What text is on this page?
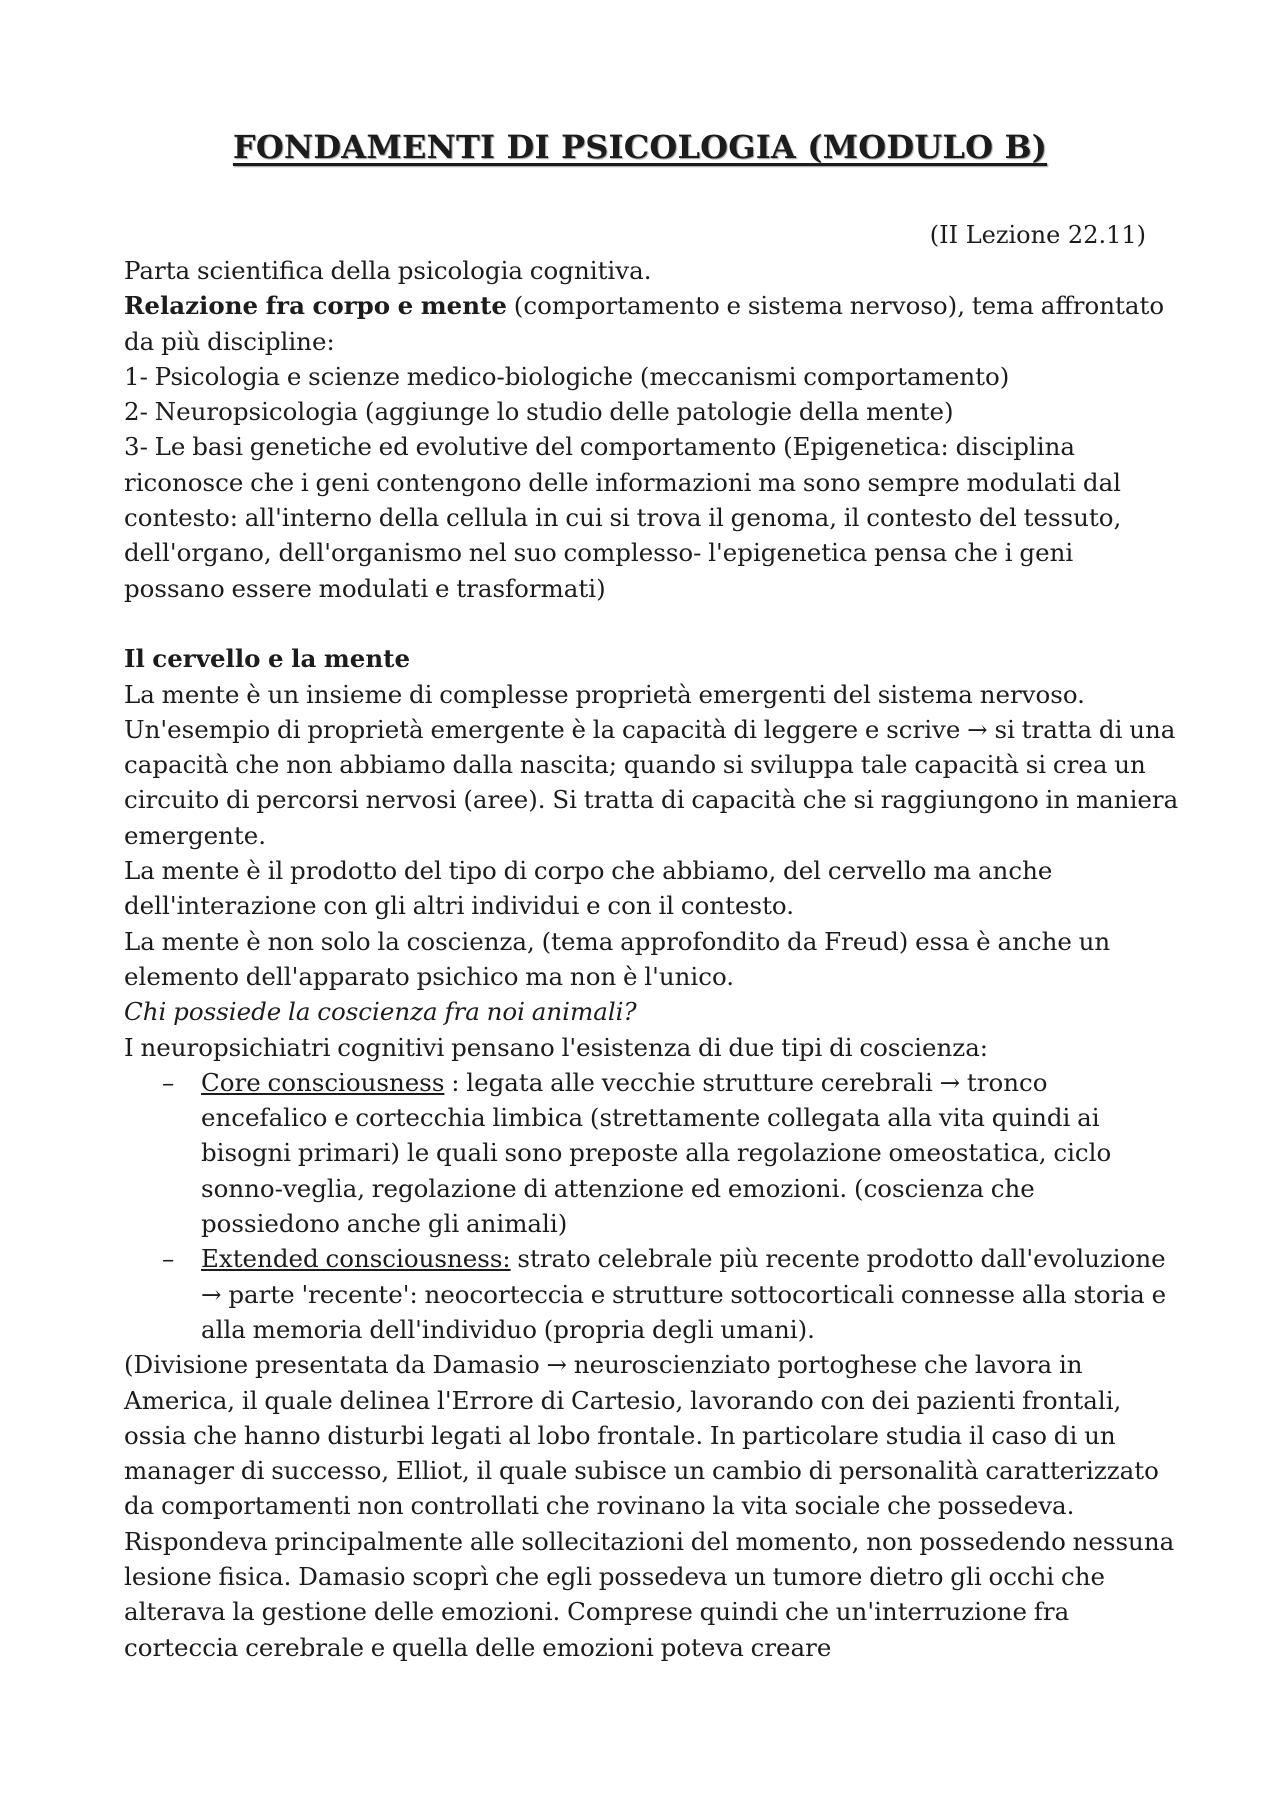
FONDAMENTI DI PSICOLOGIA (MODULO B)

(II Lezione 22.11)

Parta scientifica della psicologia cognitiva.

Relazione fra corpo e mente (comportamento e sistema nervoso), tema affrontato da più discipline:

1- Psicologia e scienze medico-biologiche (meccanismi comportamento)

2- Neuropsicologia (aggiunge lo studio delle patologie della mente)

3- Le basi genetiche ed evolutive del comportamento (Epigenetica: disciplina riconosce che i geni contengono delle informazioni ma sono sempre modulati dal contesto: all'interno della cellula in cui si trova il genoma, il contesto del tessuto, dell'organo, dell'organismo nel suo complesso- l'epigenetica pensa che i geni possano essere modulati e trasformati)

Il cervello e la mente

La mente è un insieme di complesse proprietà emergenti del sistema nervoso. Un'esempio di proprietà emergente è la capacità di leggere e scrive → si tratta di una capacità che non abbiamo dalla nascita; quando si sviluppa tale capacità si crea un circuito di percorsi nervosi (aree). Si tratta di capacità che si raggiungono in maniera emergente.

La mente è il prodotto del tipo di corpo che abbiamo, del cervello ma anche dell'interazione con gli altri individui e con il contesto.

La mente è non solo la coscienza, (tema approfondito da Freud) essa è anche un elemento dell'apparato psichico ma non è l'unico.

Chi possiede la coscienza fra noi animali?

I neuropsichiatri cognitivi pensano l'esistenza di due tipi di coscienza:

– Core consciousness : legata alle vecchie strutture cerebrali → tronco encefalico e cortecchia limbica (strettamente collegata alla vita quindi ai bisogni primari) le quali sono preposte alla regolazione omeostatica, ciclo sonno-veglia, regolazione di attenzione ed emozioni. (coscienza che possiedono anche gli animali)
– Extended consciousness: strato celebrale più recente prodotto dall'evoluzione → parte 'recente': neocorteccia e strutture sottocorticali connesse alla storia e alla memoria dell'individuo (propria degli umani).

(Divisione presentata da Damasio → neuroscienziato portoghese che lavora in America, il quale delinea l'Errore di Cartesio, lavorando con dei pazienti frontali, ossia che hanno disturbi legati al lobo frontale. In particolare studia il caso di un manager di successo, Elliot, il quale subisce un cambio di personalità caratterizzato da comportamenti non controllati che rovinano la vita sociale che possedeva. Rispondeva principalmente alle sollecitazioni del momento, non possedendo nessuna lesione fisica. Damasio scoprì che egli possedeva un tumore dietro gli occhi che alterava la gestione delle emozioni. Comprese quindi che un'interruzione fra corteccia cerebrale e quella delle emozioni poteva creare
